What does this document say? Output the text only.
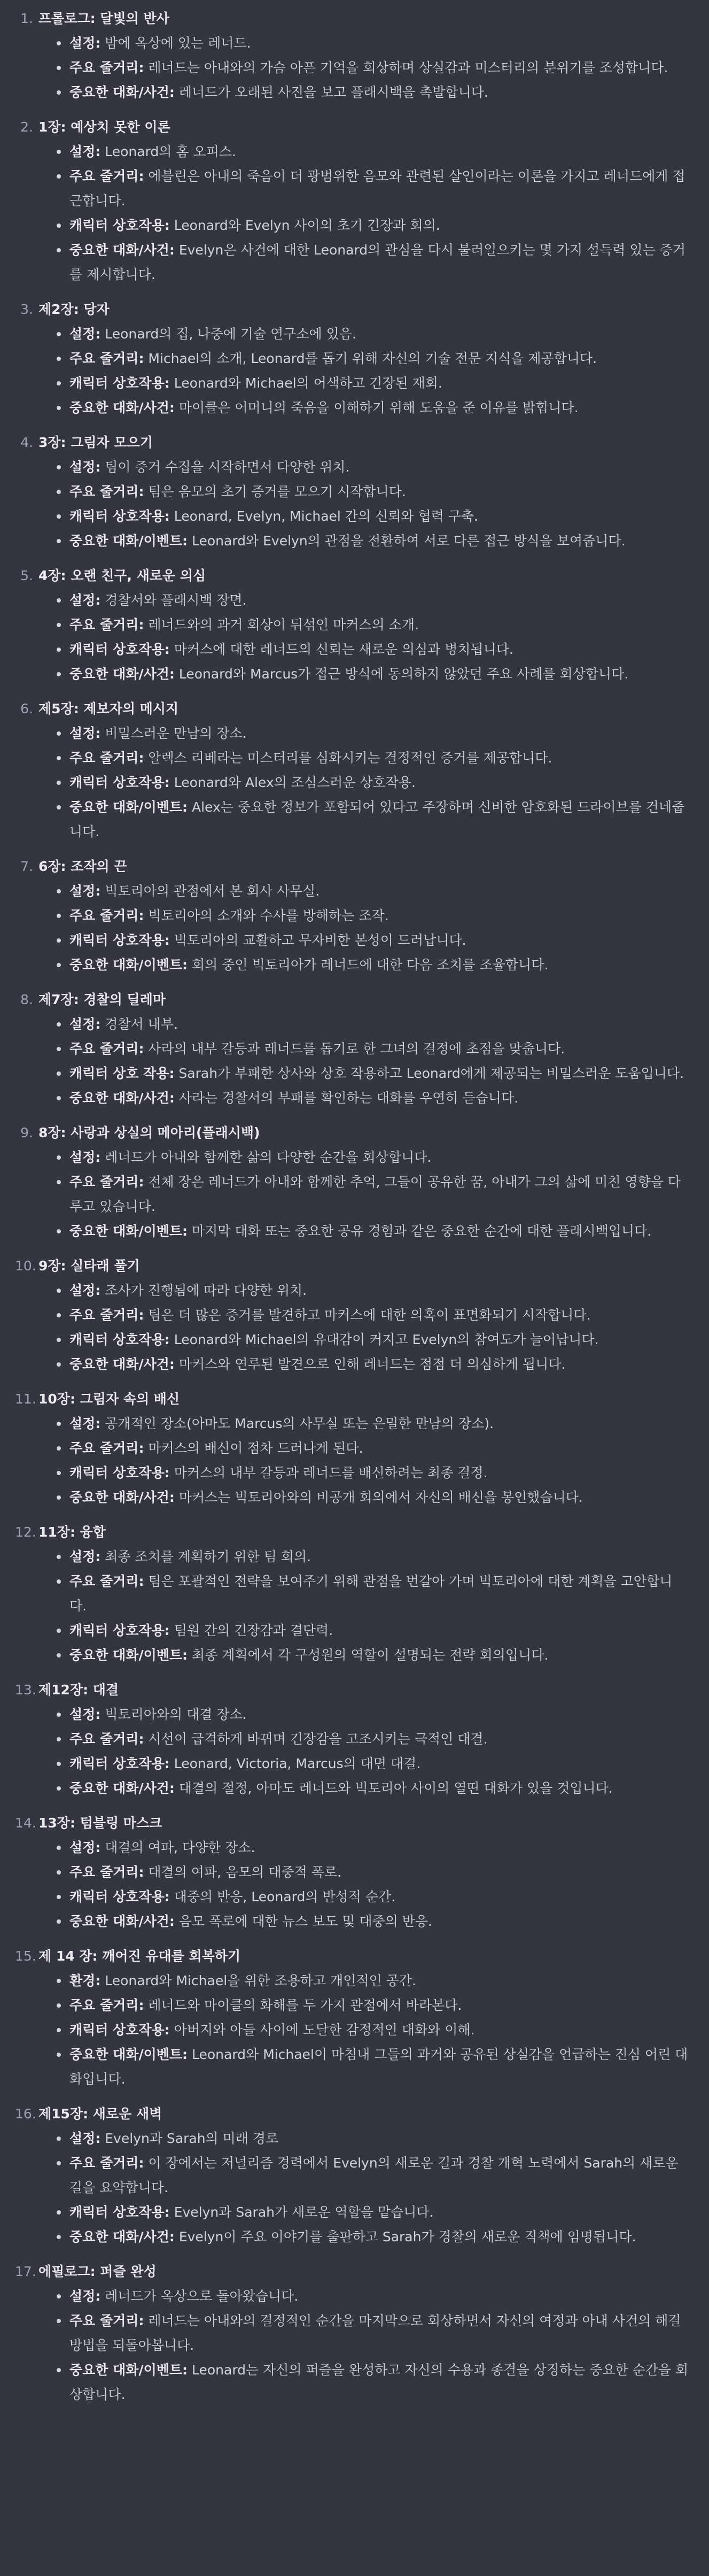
1. 프롤로그: 달빛의 반사
설정: 밤에 옥상에 있는 레너드.
주요 줄거리: 레너드는 아내와의 가슴 아픈 기억을 회상하며 상실감과 미스터리의 분위기를 조성합니다.
중요한 대화/사건: 레너드가 오래된 사진을 보고 플래시백을 촉발합니다.
2. 1장: 예상치 못한 이론
설정: Leonard의 홈 오피스.
주요 줄거리: 에블린은 아내의 죽음이 더 광범위한 음모와 관련된 살인이라는 이론을 가지고 레너드에게 접근합니다.
캐릭터 상호작용: Leonard와 Evelyn 사이의 초기 긴장과 회의.
중요한 대화/사건: Evelyn은 사건에 대한 Leonard의 관심을 다시 불러일으키는 몇 가지 설득력 있는 증거를 제시합니다.
3. 제2장: 당자
설정: Leonard의 집, 나중에 기술 연구소에 있음.
주요 줄거리: Michael의 소개, Leonard를 돕기 위해 자신의 기술 전문 지식을 제공합니다.
캐릭터 상호작용: Leonard와 Michael의 어색하고 긴장된 재회.
중요한 대화/사건: 마이클은 어머니의 죽음을 이해하기 위해 도움을 준 이유를 밝힙니다.
4. 3장: 그림자 모으기
설정: 팀이 증거 수집을 시작하면서 다양한 위치.
주요 줄거리: 팀은 음모의 초기 증거를 모으기 시작합니다.
캐릭터 상호작용: Leonard, Evelyn, Michael 간의 신뢰와 협력 구축.
중요한 대화/이벤트: Leonard와 Evelyn의 관점을 전환하여 서로 다른 접근 방식을 보여줍니다.
5. 4장: 오랜 친구, 새로운 의심
설정: 경찰서와 플래시백 장면.
주요 줄거리: 레너드와의 과거 회상이 뒤섞인 마커스의 소개.
캐릭터 상호작용: 마커스에 대한 레너드의 신뢰는 새로운 의심과 병치됩니다.
중요한 대화/사건: Leonard와 Marcus가 접근 방식에 동의하지 않았던 주요 사례를 회상합니다.
6. 제5장: 제보자의 메시지
설정: 비밀스러운 만남의 장소.
주요 줄거리: 알렉스 리베라는 미스터리를 심화시키는 결정적인 증거를 제공합니다.
캐릭터 상호작용: Leonard와 Alex의 조심스러운 상호작용.
중요한 대화/이벤트: Alex는 중요한 정보가 포함되어 있다고 주장하며 신비한 암호화된 드라이브를 건네줍니다.
7. 6장: 조작의 끈
설정: 빅토리아의 관점에서 본 회사 사무실.
주요 줄거리: 빅토리아의 소개와 수사를 방해하는 조작.
캐릭터 상호작용: 빅토리아의 교활하고 무자비한 본성이 드러납니다.
중요한 대화/이벤트: 회의 중인 빅토리아가 레너드에 대한 다음 조치를 조율합니다.
8. 제7장: 경찰의 딜레마
설정: 경찰서 내부.
주요 줄거리: 사라의 내부 갈등과 레너드를 돕기로 한 그녀의 결정에 초점을 맞춥니다.
캐릭터 상호 작용: Sarah가 부패한 상사와 상호 작용하고 Leonard에게 제공되는 비밀스러운 도움입니다.
중요한 대화/사건: 사라는 경찰서의 부패를 확인하는 대화를 우연히 듣습니다.
9. 8장: 사랑과 상실의 메아리(플래시백)
설정: 레너드가 아내와 함께한 삶의 다양한 순간을 회상합니다.
주요 줄거리: 전체 장은 레너드가 아내와 함께한 추억, 그들이 공유한 꿈, 아내가 그의 삶에 미친 영향을 다루고 있습니다.
중요한 대화/이벤트: 마지막 대화 또는 중요한 공유 경험과 같은 중요한 순간에 대한 플래시백입니다.
10. 9장: 실타래 풀기
설정: 조사가 진행됨에 따라 다양한 위치.
주요 줄거리: 팀은 더 많은 증거를 발견하고 마커스에 대한 의혹이 표면화되기 시작합니다.
캐릭터 상호작용: Leonard와 Michael의 유대감이 커지고 Evelyn의 참여도가 늘어납니다.
중요한 대화/사건: 마커스와 연루된 발견으로 인해 레너드는 점점 더 의심하게 됩니다.
11. 10장: 그림자 속의 배신
설정: 공개적인 장소(아마도 Marcus의 사무실 또는 은밀한 만남의 장소).
주요 줄거리: 마커스의 배신이 점차 드러나게 된다.
캐릭터 상호작용: 마커스의 내부 갈등과 레너드를 배신하려는 최종 결정.
중요한 대화/사건: 마커스는 빅토리아와의 비공개 회의에서 자신의 배신을 봉인했습니다.
12. 11장: 융합
설정: 최종 조치를 계획하기 위한 팀 회의.
주요 줄거리: 팀은 포괄적인 전략을 보여주기 위해 관점을 번갈아 가며 빅토리아에 대한 계획을 고안합니다.
캐릭터 상호작용: 팀원 간의 긴장감과 결단력.
중요한 대화/이벤트: 최종 계획에서 각 구성원의 역할이 설명되는 전략 회의입니다.
13. 제12장: 대결
설정: 빅토리아와의 대결 장소.
주요 줄거리: 시선이 급격하게 바뀌며 긴장감을 고조시키는 극적인 대결.
캐릭터 상호작용: Leonard, Victoria, Marcus의 대면 대결.
중요한 대화/사건: 대결의 절정, 아마도 레너드와 빅토리아 사이의 열띤 대화가 있을 것입니다.
14. 13장: 텀블링 마스크
설정: 대결의 여파, 다양한 장소.
주요 줄거리: 대결의 여파, 음모의 대중적 폭로.
캐릭터 상호작용: 대중의 반응, Leonard의 반성적 순간.
중요한 대화/사건: 음모 폭로에 대한 뉴스 보도 및 대중의 반응.
15. 제 14 장: 깨어진 유대를 회복하기
환경: Leonard와 Michael을 위한 조용하고 개인적인 공간.
주요 줄거리: 레너드와 마이클의 화해를 두 가지 관점에서 바라본다.
캐릭터 상호작용: 아버지와 아들 사이에 도달한 감정적인 대화와 이해.
중요한 대화/이벤트: Leonard와 Michael이 마침내 그들의 과거와 공유된 상실감을 언급하는 진심 어린 대화입니다.
16. 제15장: 새로운 새벽
설정: Evelyn과 Sarah의 미래 경로
주요 줄거리: 이 장에서는 저널리즘 경력에서 Evelyn의 새로운 길과 경찰 개혁 노력에서 Sarah의 새로운 길을 요약합니다.
캐릭터 상호작용: Evelyn과 Sarah가 새로운 역할을 맡습니다.
중요한 대화/사건: Evelyn이 주요 이야기를 출판하고 Sarah가 경찰의 새로운 직책에 임명됩니다.
17. 에필로그: 퍼즐 완성
설정: 레너드가 옥상으로 돌아왔습니다.
주요 줄거리: 레너드는 아내와의 결정적인 순간을 마지막으로 회상하면서 자신의 여정과 아내 사건의 해결 방법을 되돌아봅니다.
중요한 대화/이벤트: Leonard는 자신의 퍼즐을 완성하고 자신의 수용과 종결을 상징하는 중요한 순간을 회상합니다.
